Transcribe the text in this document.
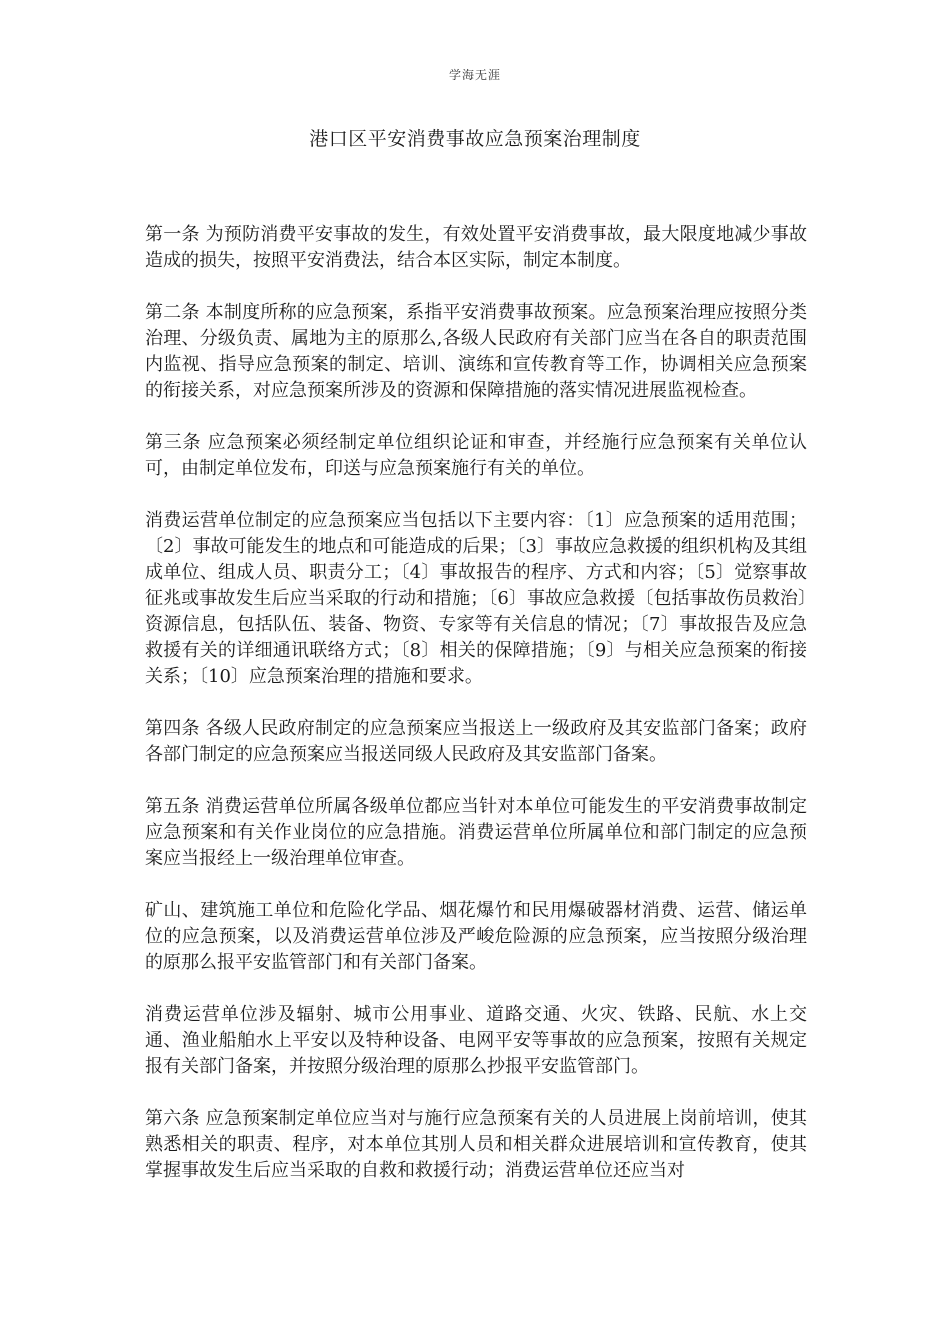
学海无涯
港口区平安消费事故应急预案治理制度

第一条 为预防消费平安事故的发生，有效处置平安消费事故，最大限度地减少事故造成的损失，按照平安消费法，结合本区实际，制定本制度。

第二条 本制度所称的应急预案，系指平安消费事故预案。应急预案治理应按照分类治理、分级负责、属地为主的原那么,各级人民政府有关部门应当在各自的职责范围内监视、指导应急预案的制定、培训、演练和宣传教育等工作，协调相关应急预案的衔接关系，对应急预案所涉及的资源和保障措施的落实情况进展监视检查。

第三条 应急预案必须经制定单位组织论证和审查，并经施行应急预案有关单位认可，由制定单位发布，印送与应急预案施行有关的单位。

消费运营单位制定的应急预案应当包括以下主要内容：〔1〕应急预案的适用范围；〔2〕事故可能发生的地点和可能造成的后果；〔3〕事故应急救援的组织机构及其组成单位、组成人员、职责分工；〔4〕事故报告的程序、方式和内容；〔5〕觉察事故征兆或事故发生后应当采取的行动和措施；〔6〕事故应急救援〔包括事故伤员救治〕资源信息，包括队伍、装备、物资、专家等有关信息的情况；〔7〕事故报告及应急救援有关的详细通讯联络方式；〔8〕相关的保障措施；〔9〕与相关应急预案的衔接关系；〔10〕应急预案治理的措施和要求。

第四条 各级人民政府制定的应急预案应当报送上一级政府及其安监部门备案；政府各部门制定的应急预案应当报送同级人民政府及其安监部门备案。

第五条 消费运营单位所属各级单位都应当针对本单位可能发生的平安消费事故制定应急预案和有关作业岗位的应急措施。消费运营单位所属单位和部门制定的应急预案应当报经上一级治理单位审查。

矿山、建筑施工单位和危险化学品、烟花爆竹和民用爆破器材消费、运营、储运单位的应急预案，以及消费运营单位涉及严峻危险源的应急预案，应当按照分级治理的原那么报平安监管部门和有关部门备案。

消费运营单位涉及辐射、城市公用事业、道路交通、火灾、铁路、民航、水上交通、渔业船舶水上平安以及特种设备、电网平安等事故的应急预案，按照有关规定报有关部门备案，并按照分级治理的原那么抄报平安监管部门。

第六条 应急预案制定单位应当对与施行应急预案有关的人员进展上岗前培训，使其熟悉相关的职责、程序，对本单位其別人员和相关群众进展培训和宣传教育，使其掌握事故发生后应当采取的自救和救援行动；消费运营单位还应当对
